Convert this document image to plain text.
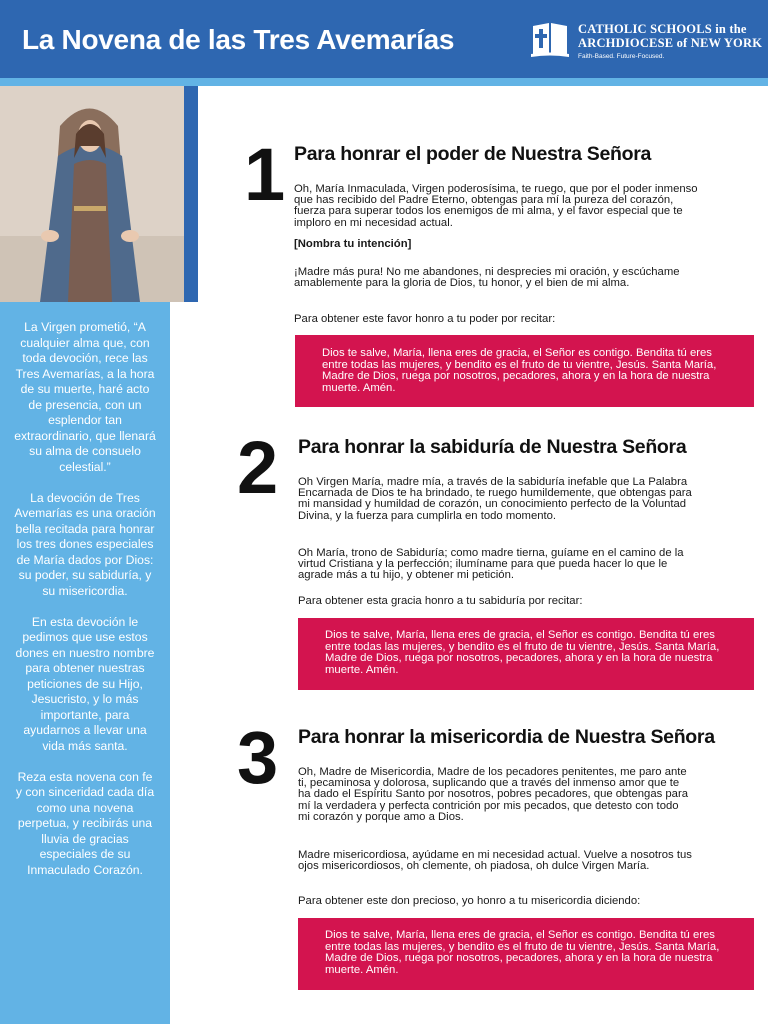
La Novena de las Tres Avemarías	CATHOLIC SCHOOLS in the
ARCHDIOCESE of NEW YORK
Faith-Based. Future-Focused.

La Virgen prometió, “A cualquier alma que, con toda devoción, rece las Tres Avemarías, a la hora de su muerte, haré acto de presencia, con un esplendor tan extraordinario, que llenará su alma de consuelo celestial.”

La devoción de Tres Avemarías es una oración bella recitada para honrar los tres dones especiales de María dados por Dios: su poder, su sabiduría, y su misericordia.

En esta devoción le pedimos que use estos dones en nuestro nombre para obtener nuestras peticiones de su Hijo, Jesucristo, y lo más importante, para ayudarnos a llevar una vida más santa.

Reza esta novena con fe y con sinceridad cada día como una novena perpetua, y recibirás una lluvia de gracias especiales de su Inmaculado Corazón.

1 Para honrar el poder de Nuestra Señora
Oh, María Inmaculada, Virgen poderosísima, te ruego, que por el poder inmenso que has recibido del Padre Eterno, obtengas para mí la pureza del corazón, fuerza para superar todos los enemigos de mi alma, y el favor especial que te imploro en mi necesidad actual.
[Nombra tu intención]
¡Madre más pura! No me abandones, ni desprecies mi oración, y escúchame amablemente para la gloria de Dios, tu honor, y el bien de mi alma.
Para obtener este favor honro a tu poder por recitar:
Dios te salve, María, llena eres de gracia, el Señor es contigo. Bendita tú eres entre todas las mujeres, y bendito es el fruto de tu vientre, Jesús. Santa María, Madre de Dios, ruega por nosotros, pecadores, ahora y en la hora de nuestra muerte. Amén.
2 Para honrar la sabiduría de Nuestra Señora
Oh Virgen María, madre mía, a través de la sabiduría inefable que La Palabra Encarnada de Dios te ha brindado, te ruego humildemente, que obtengas para mi mansidad y humildad de corazón, un conocimiento perfecto de la Voluntad Divina, y la fuerza para cumplirla en todo momento.
Oh María, trono de Sabiduría; como madre tierna, guíame en el camino de la virtud Cristiana y la perfección; ilumíname para que pueda hacer lo que le agrade más a tu hijo, y obtener mi petición.
Para obtener esta gracia honro a tu sabiduría por recitar:
Dios te salve, María, llena eres de gracia, el Señor es contigo. Bendita tú eres entre todas las mujeres, y bendito es el fruto de tu vientre, Jesús. Santa María, Madre de Dios, ruega por nosotros, pecadores, ahora y en la hora de nuestra muerte. Amén.
3 Para honrar la misericordia de Nuestra Señora
Oh, Madre de Misericordia, Madre de los pecadores penitentes, me paro ante ti, pecaminosa y dolorosa, suplicando que a través del inmenso amor que te ha dado el Espíritu Santo por nosotros, pobres pecadores, que obtengas para mí la verdadera y perfecta contrición por mis pecados, que detesto con todo mi corazón y porque amo a Dios.
Madre misericordiosa, ayúdame en mi necesidad actual. Vuelve a nosotros tus ojos misericordiosos, oh clemente, oh piadosa, oh dulce Virgen María.
Para obtener este don precioso, yo honro a tu misericordia diciendo:
Dios te salve, María, llena eres de gracia, el Señor es contigo. Bendita tú eres entre todas las mujeres, y bendito es el fruto de tu vientre, Jesús. Santa María, Madre de Dios, ruega por nosotros, pecadores, ahora y en la hora de nuestra muerte. Amén.
